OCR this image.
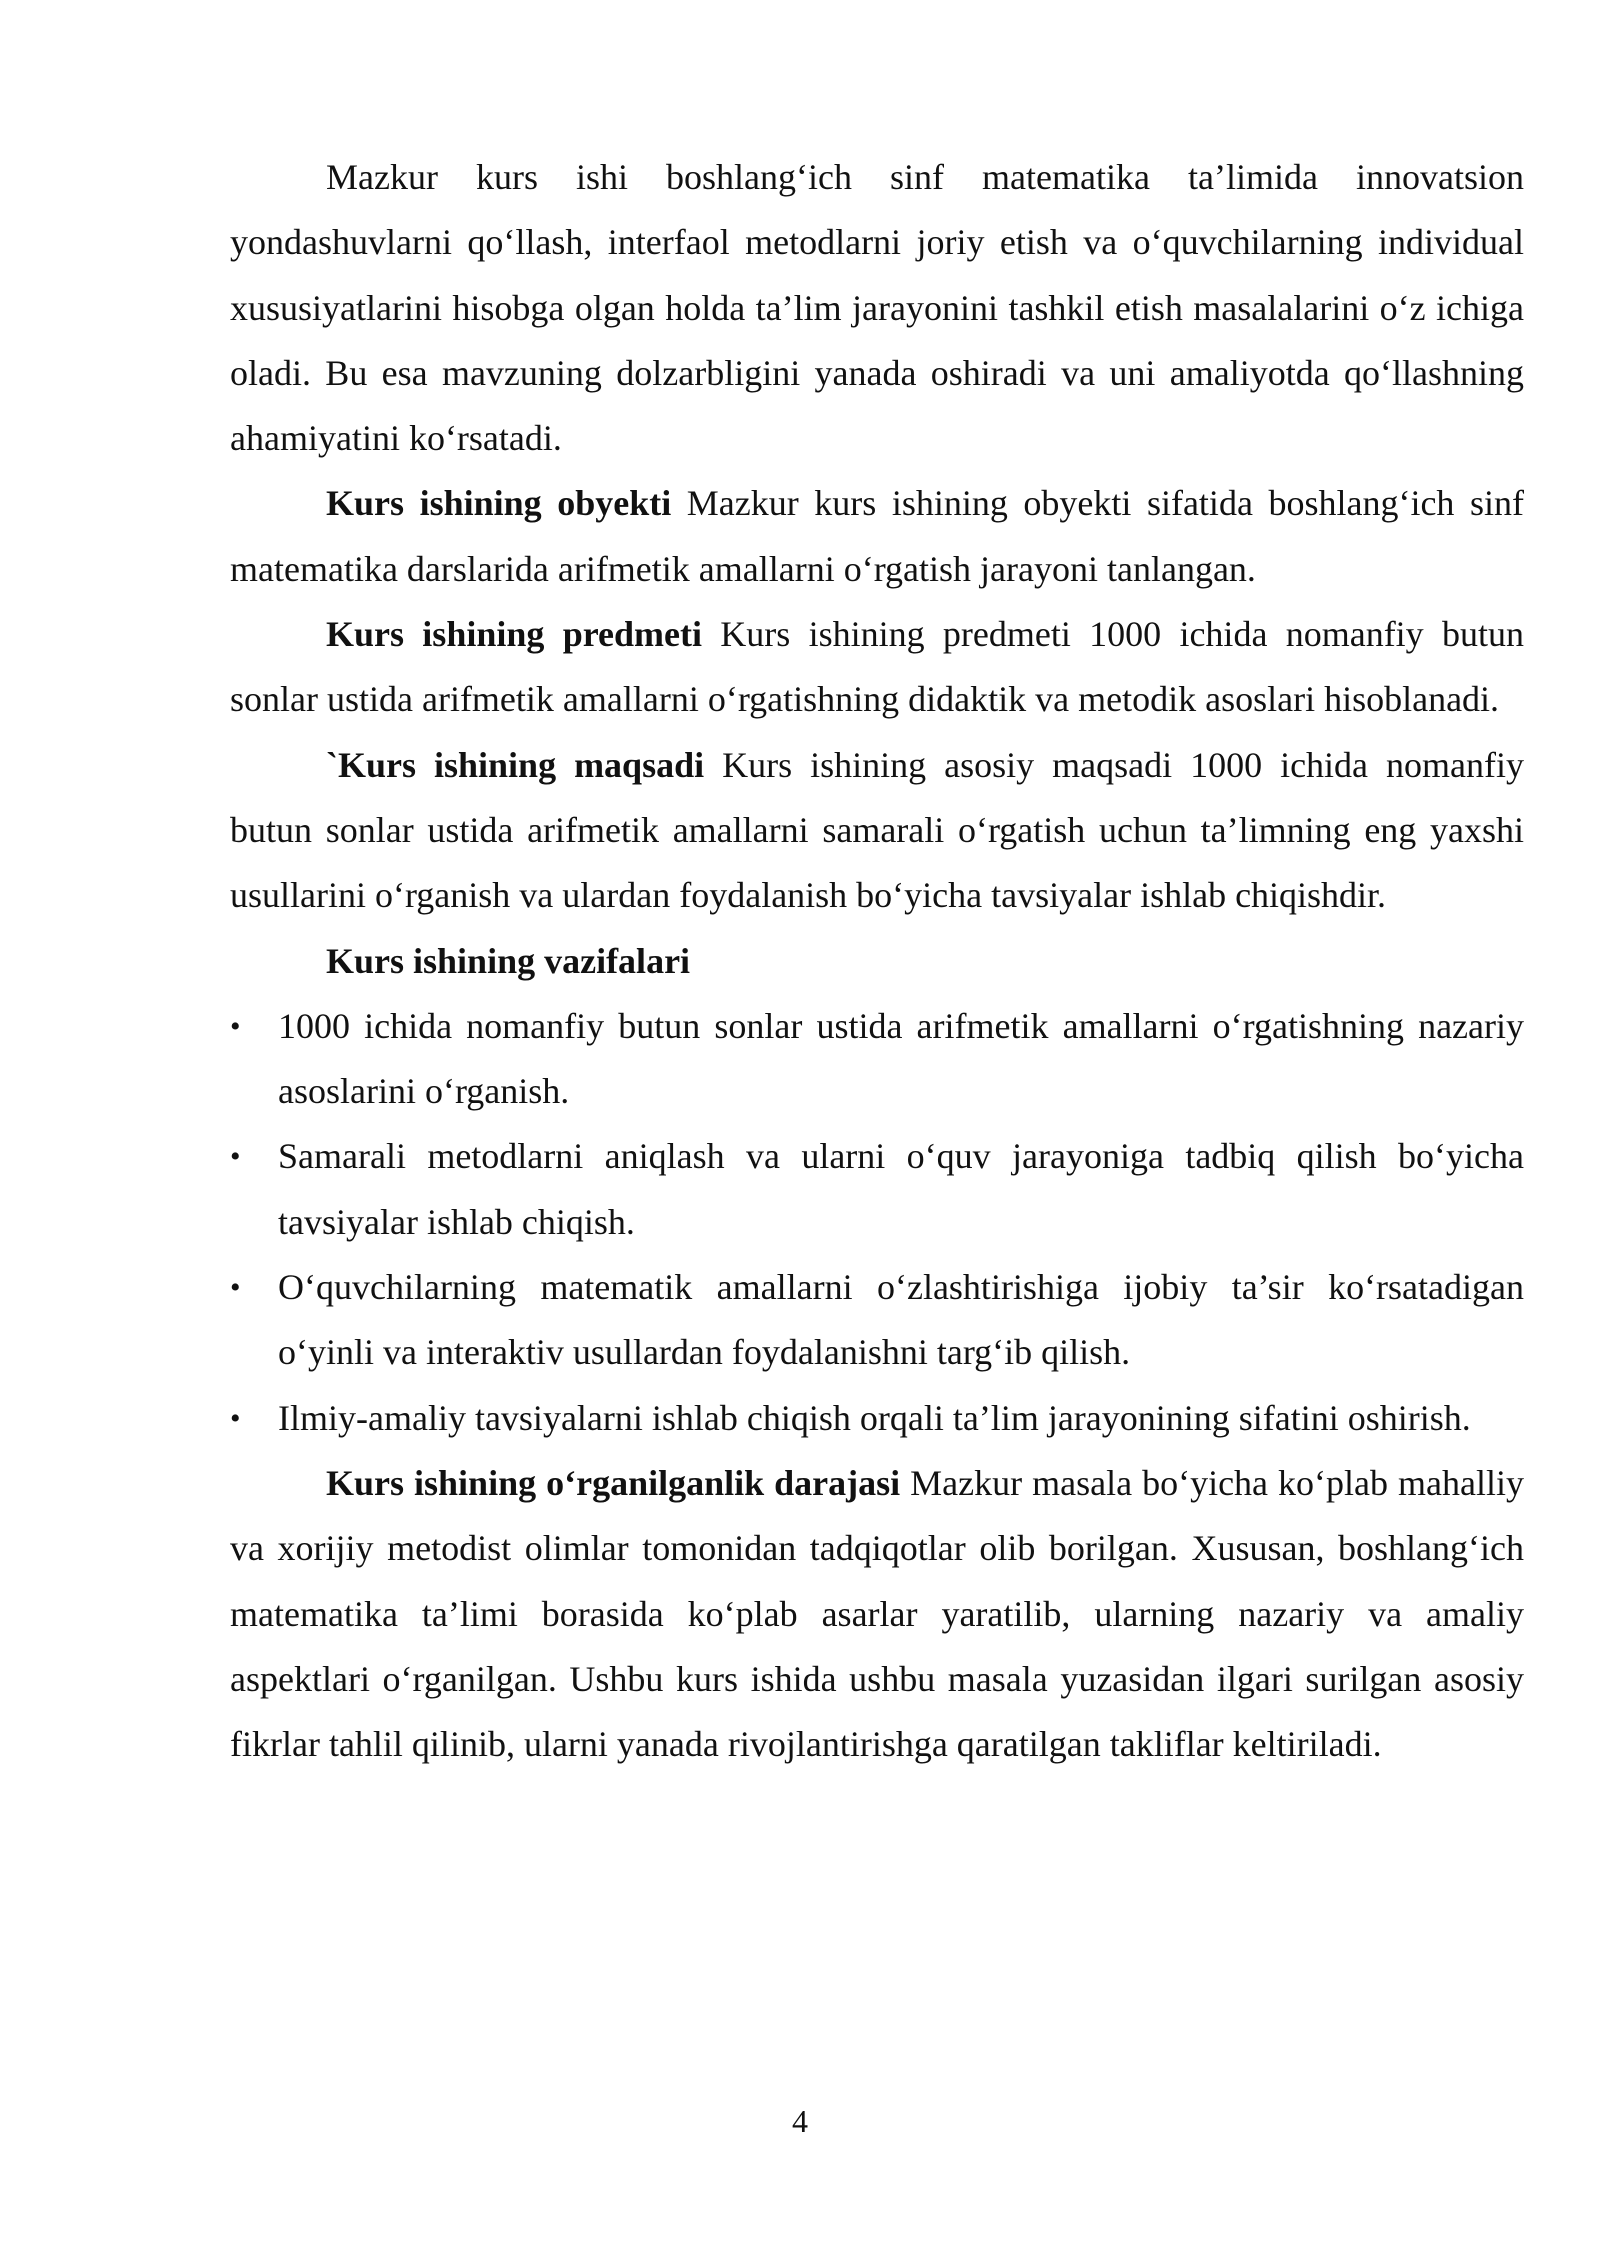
Mazkur kurs ishi boshlang‘ich sinf matematika ta’limida innovatsion yondashuvlarni qo‘llash, interfaol metodlarni joriy etish va o‘quvchilarning individual xususiyatlarini hisobga olgan holda ta’lim jarayonini tashkil etish masalalarini o‘z ichiga oladi. Bu esa mavzuning dolzarbligini yanada oshiradi va uni amaliyotda qo‘llashning ahamiyatini ko‘rsatadi.

Kurs ishining obyekti Mazkur kurs ishining obyekti sifatida boshlang‘ich sinf matematika darslarida arifmetik amallarni o‘rgatish jarayoni tanlangan.

Kurs ishining predmeti Kurs ishining predmeti 1000 ichida nomanfiy butun sonlar ustida arifmetik amallarni o‘rgatishning didaktik va metodik asoslari hisoblanadi.

`Kurs ishining maqsadi Kurs ishining asosiy maqsadi 1000 ichida nomanfiy butun sonlar ustida arifmetik amallarni samarali o‘rgatish uchun ta’limning eng yaxshi usullarini o‘rganish va ulardan foydalanish bo‘yicha tavsiyalar ishlab chiqishdir.

Kurs ishining vazifalari

•	1000 ichida nomanfiy butun sonlar ustida arifmetik amallarni o‘rgatishning nazariy asoslarini o‘rganish.
•	Samarali metodlarni aniqlash va ularni o‘quv jarayoniga tadbiq qilish bo‘yicha tavsiyalar ishlab chiqish.
•	O‘quvchilarning matematik amallarni o‘zlashtirishiga ijobiy ta’sir ko‘rsatadigan o‘yinli va interaktiv usullardan foydalanishni targ‘ib qilish.
•	Ilmiy-amaliy tavsiyalarni ishlab chiqish orqali ta’lim jarayonining sifatini oshirish.

Kurs ishining o‘rganilganlik darajasi Mazkur masala bo‘yicha ko‘plab mahalliy va xorijiy metodist olimlar tomonidan tadqiqotlar olib borilgan. Xususan, boshlang‘ich matematika ta’limi borasida ko‘plab asarlar yaratilib, ularning nazariy va amaliy aspektlari o‘rganilgan. Ushbu kurs ishida ushbu masala yuzasidan ilgari surilgan asosiy fikrlar tahlil qilinib, ularni yanada rivojlantirishga qaratilgan takliflar keltiriladi.

4
